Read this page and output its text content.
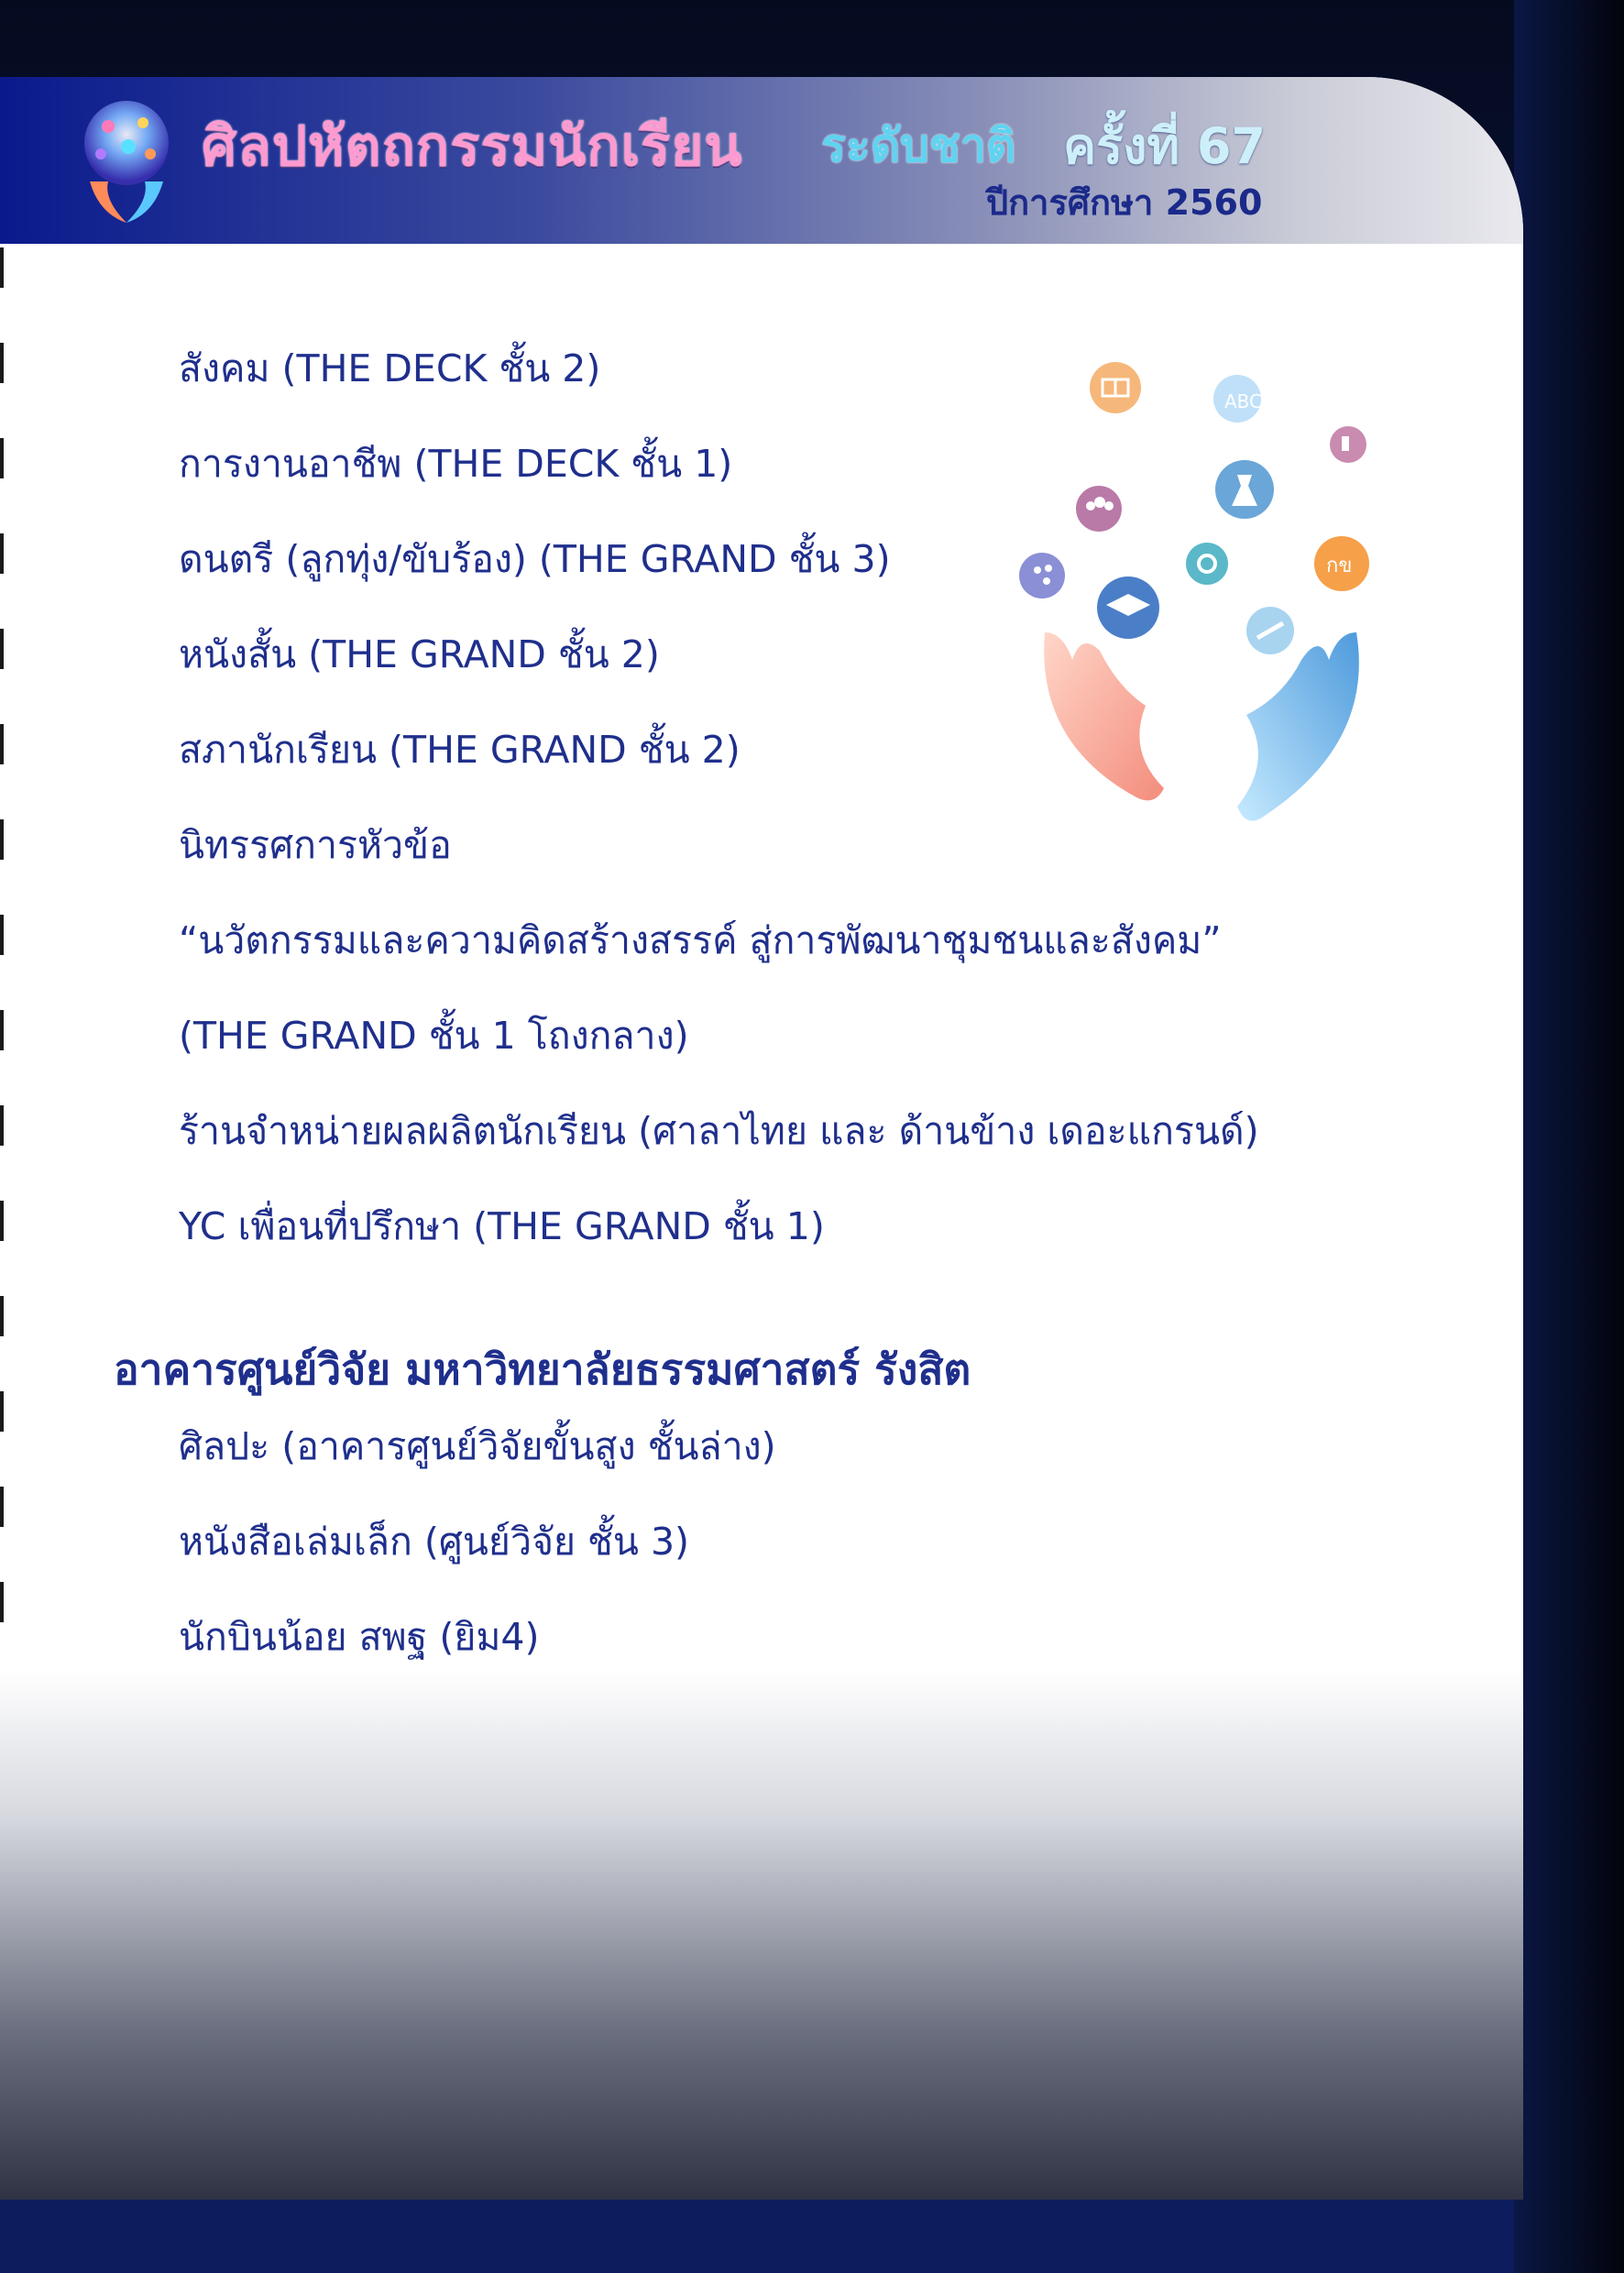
ศิลปหัตถกรรมนักเรียน ระดับชาติ ครั้งที่ 67
ปีการศึกษา 2560
ABC
กข
สังคม (THE DECK ชั้น 2)
การงานอาชีพ (THE DECK ชั้น 1)
ดนตรี (ลูกทุ่ง/ขับร้อง) (THE GRAND ชั้น 3)
หนังสั้น (THE GRAND ชั้น 2)
สภานักเรียน (THE GRAND ชั้น 2)
นิทรรศการหัวข้อ
“นวัตกรรมและความคิดสร้างสรรค์ สู่การพัฒนาชุมชนและสังคม”
(THE GRAND ชั้น 1 โถงกลาง)
ร้านจำหน่ายผลผลิตนักเรียน (ศาลาไทย และ ด้านข้าง เดอะแกรนด์)
YC เพื่อนที่ปรึกษา (THE GRAND ชั้น 1)
อาคารศูนย์วิจัย มหาวิทยาลัยธรรมศาสตร์ รังสิต
ศิลปะ (อาคารศูนย์วิจัยขั้นสูง ชั้นล่าง)
หนังสือเล่มเล็ก (ศูนย์วิจัย ชั้น 3)
นักบินน้อย สพฐ (ยิม4)
